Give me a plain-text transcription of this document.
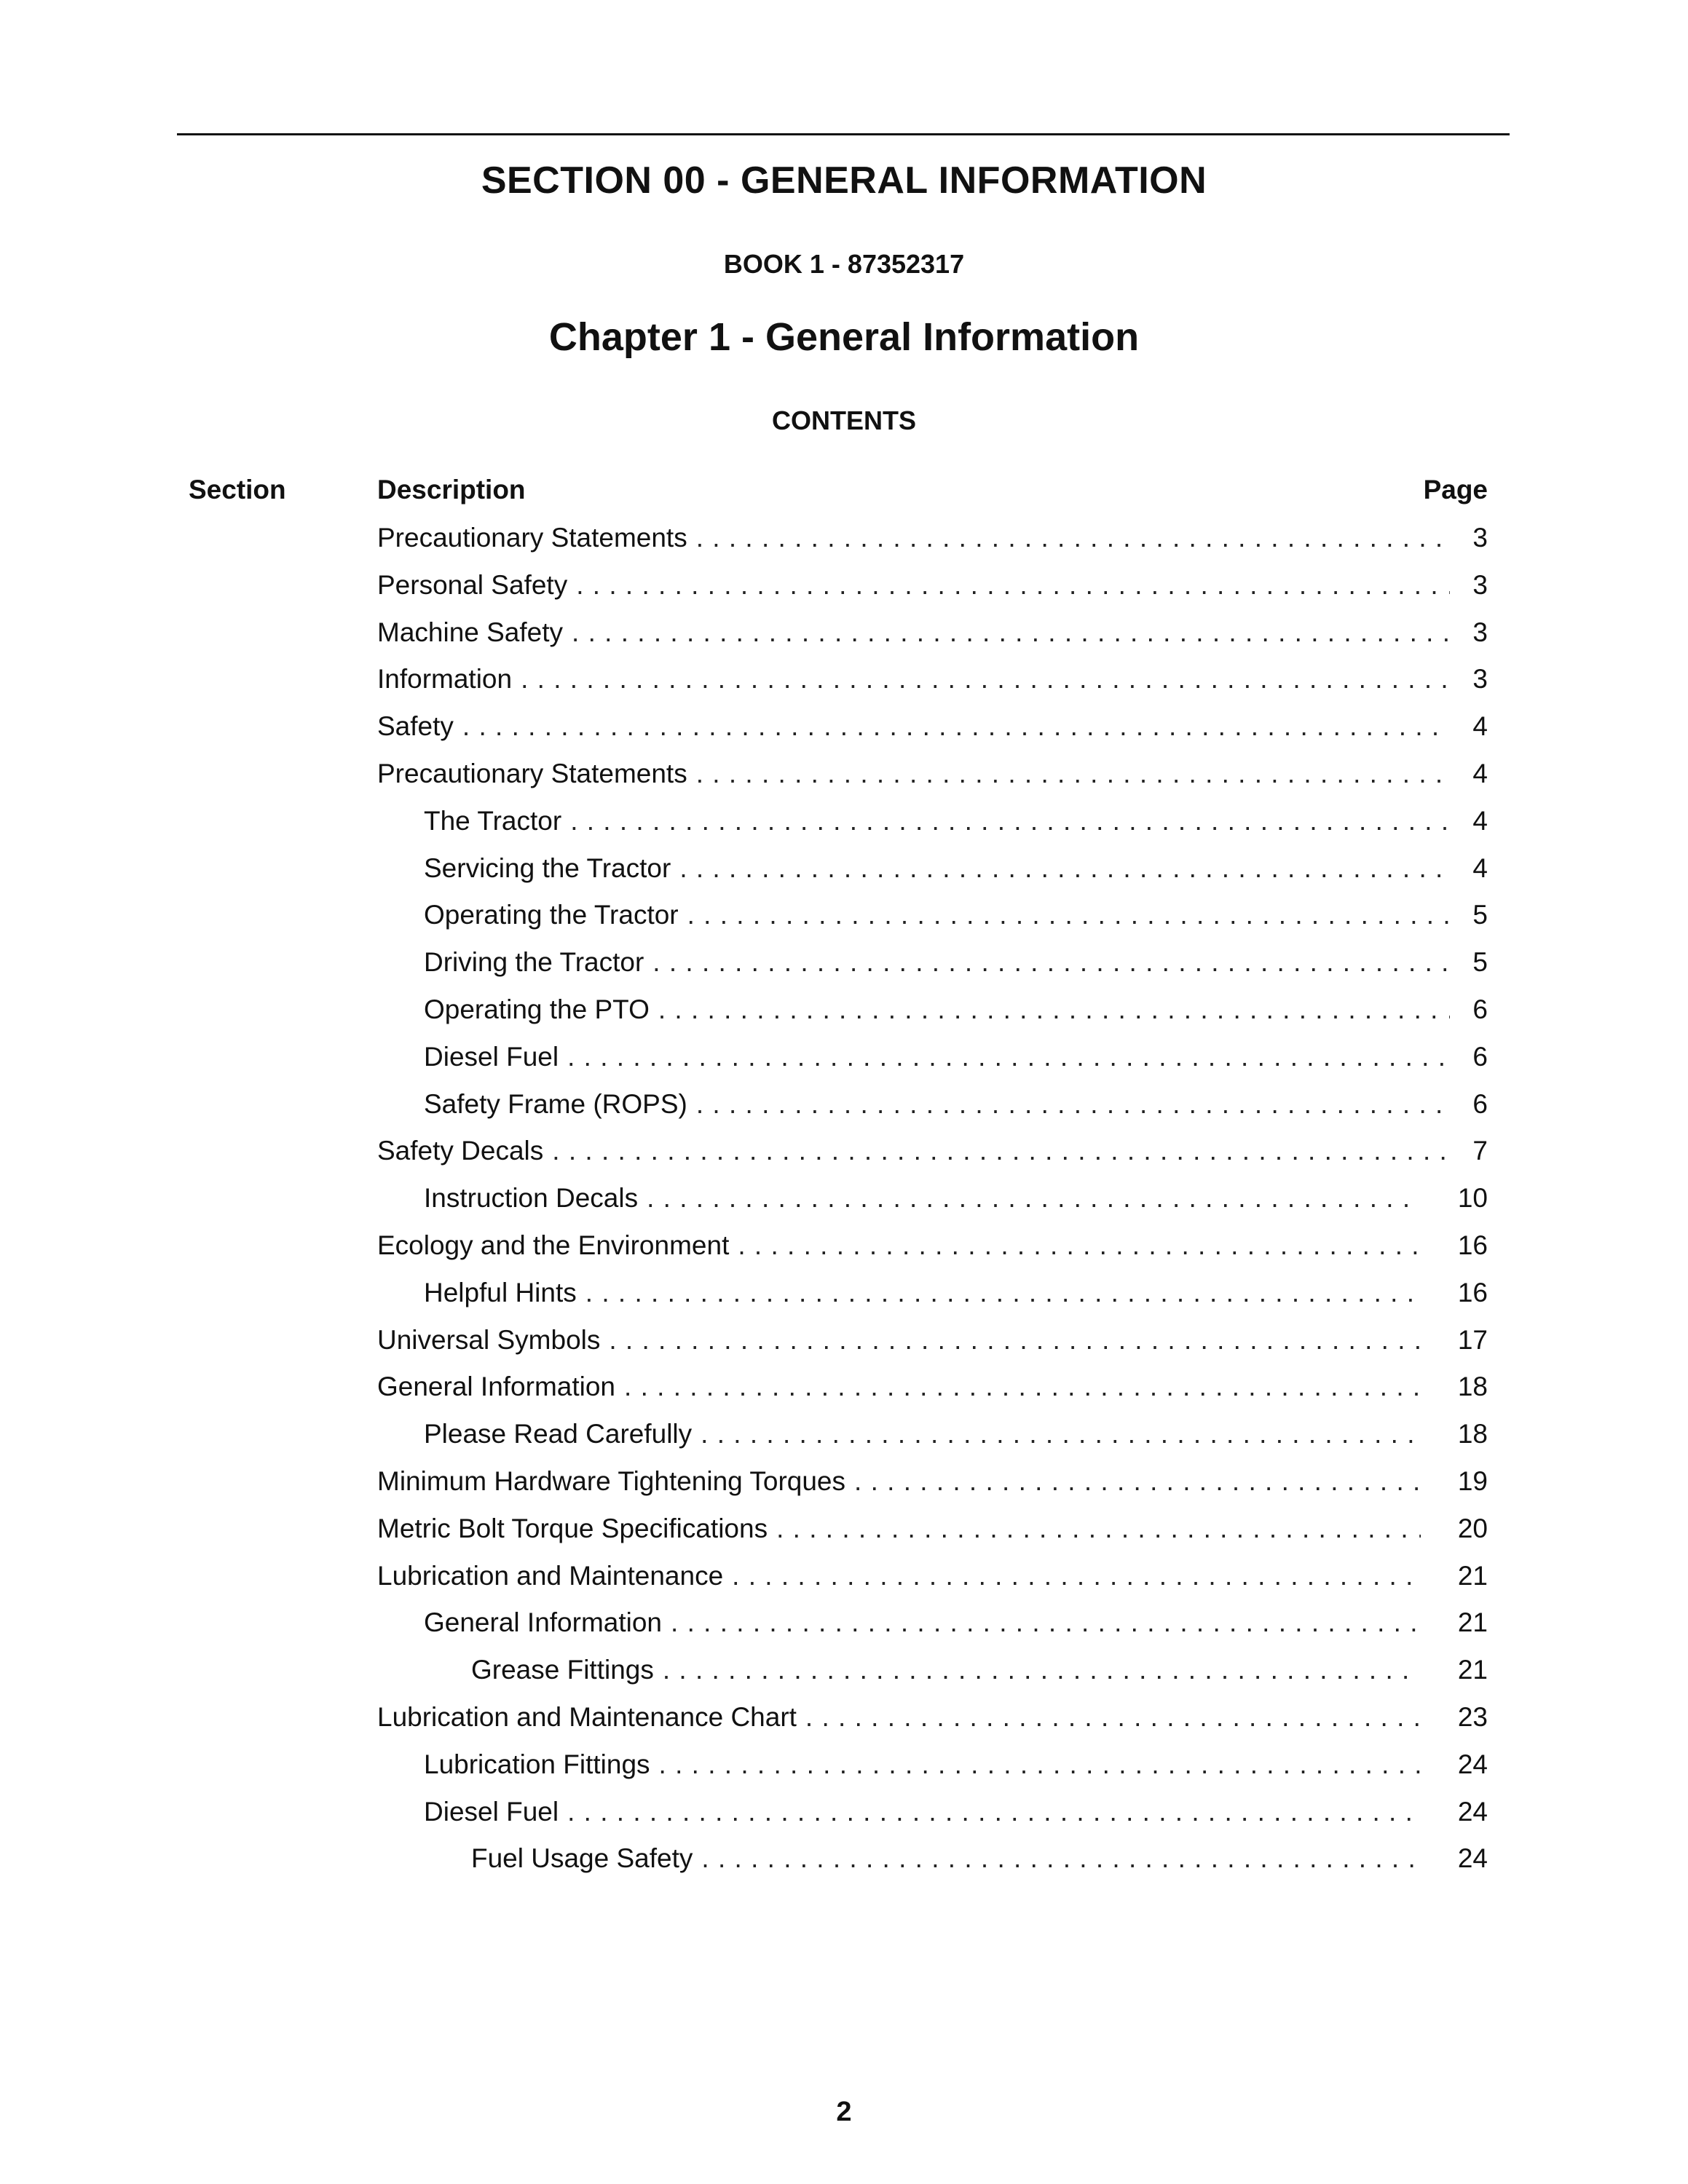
SECTION 00 - GENERAL INFORMATION
BOOK 1 - 87352317
Chapter 1 - General Information
CONTENTS
Section	Description	Page
Precautionary Statements . . .	3
Personal Safety . . .	3
Machine Safety . . .	3
Information . . .	3
Safety . . .	4
Precautionary Statements . . .	4
The Tractor . . .	4
Servicing the Tractor . . .	4
Operating the Tractor . . .	5
Driving the Tractor . . .	5
Operating the PTO . . .	6
Diesel Fuel . . .	6
Safety Frame (ROPS) . . .	6
Safety Decals . . .	7
Instruction Decals . . .	10
Ecology and the Environment . . .	16
Helpful Hints . . .	16
Universal Symbols . . .	17
General Information . . .	18
Please Read Carefully . . .	18
Minimum Hardware Tightening Torques . . .	19
Metric Bolt Torque Specifications . . .	20
Lubrication and Maintenance . . .	21
General Information . . .	21
Grease Fittings . . .	21
Lubrication and Maintenance Chart . . .	23
Lubrication Fittings . . .	24
Diesel Fuel . . .	24
Fuel Usage Safety . . .	24
2
